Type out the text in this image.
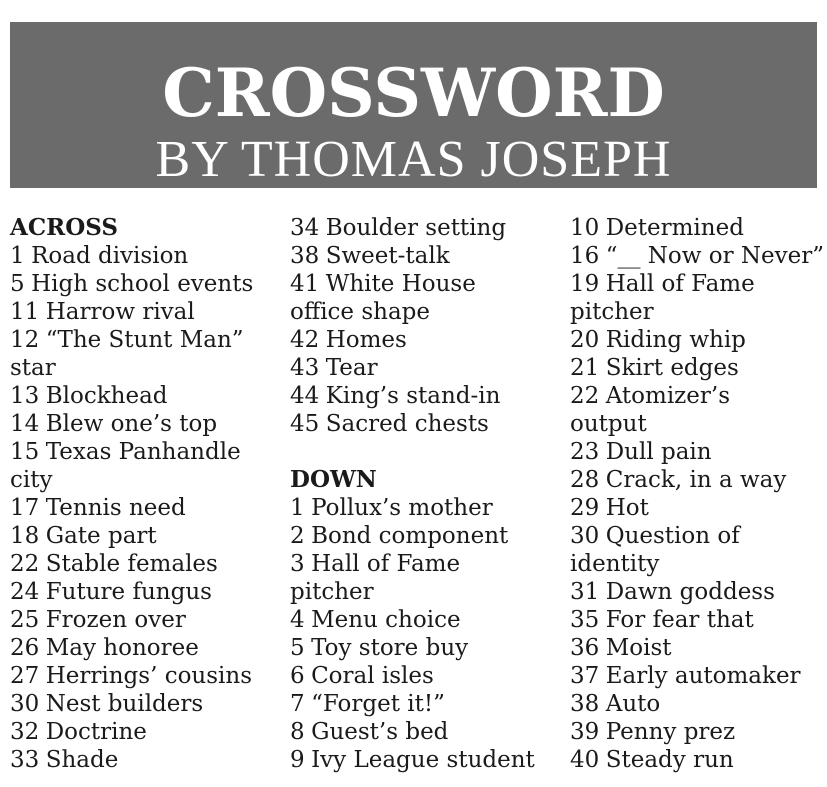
CROSSWORD
BY THOMAS JOSEPH
ACROSS
1 Road division
5 High school events
11 Harrow rival
12 “The Stunt Man”
star
13 Blockhead
14 Blew one’s top
15 Texas Panhandle
city
17 Tennis need
18 Gate part
22 Stable females
24 Future fungus
25 Frozen over
26 May honoree
27 Herrings’ cousins
30 Nest builders
32 Doctrine
33 Shade
34 Boulder setting
38 Sweet-talk
41 White House
office shape
42 Homes
43 Tear
44 King’s stand-in
45 Sacred chests
DOWN
1 Pollux’s mother
2 Bond component
3 Hall of Fame
pitcher
4 Menu choice
5 Toy store buy
6 Coral isles
7 “Forget it!”
8 Guest’s bed
9 Ivy League student
10 Determined
16 “__ Now or Never”
19 Hall of Fame
pitcher
20 Riding whip
21 Skirt edges
22 Atomizer’s
output
23 Dull pain
28 Crack, in a way
29 Hot
30 Question of
identity
31 Dawn goddess
35 For fear that
36 Moist
37 Early automaker
38 Auto
39 Penny prez
40 Steady run
